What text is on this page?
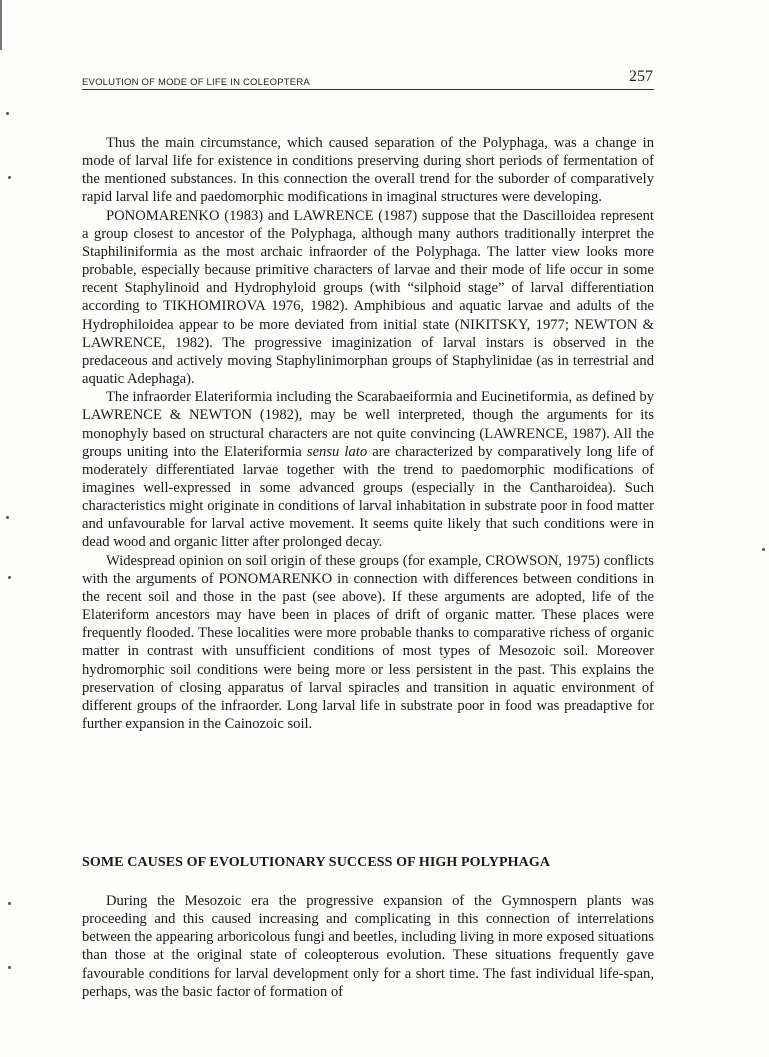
EVOLUTION OF MODE OF LIFE IN COLEOPTERA	257

Thus the main circumstance, which caused separation of the Polyphaga, was a change in mode of larval life for existence in conditions preserving during short periods of fermentation of the mentioned substances. In this connection the overall trend for the suborder of comparatively rapid larval life and paedomorphic modifications in imaginal structures were developing.

PONOMARENKO (1983) and LAWRENCE (1987) suppose that the Dascilloidea represent a group closest to ancestor of the Polyphaga, although many authors traditionally interpret the Staphiliniformia as the most archaic infraorder of the Polyphaga. The latter view looks more probable, especially because primitive characters of larvae and their mode of life occur in some recent Staphylinoid and Hydrophyloid groups (with “silphoid stage” of larval differentiation according to TIKHOMIROVA 1976, 1982). Amphibious and aquatic larvae and adults of the Hydrophiloidea appear to be more deviated from initial state (NIKITSKY, 1977; NEWTON & LAWRENCE, 1982). The progressive imaginization of larval instars is observed in the predaceous and actively moving Staphylinimorphan groups of Staphylinidae (as in terrestrial and aquatic Adephaga).

The infraorder Elateriformia including the Scarabaeiformia and Eucinetiformia, as defined by LAWRENCE & NEWTON (1982), may be well interpreted, though the arguments for its monophyly based on structural characters are not quite convincing (LAWRENCE, 1987). All the groups uniting into the Elateriformia sensu lato are characterized by comparatively long life of moderately differentiated larvae together with the trend to paedomorphic modifications of imagines well-expressed in some advanced groups (especially in the Cantharoidea). Such characteristics might originate in conditions of larval inhabitation in substrate poor in food matter and unfavourable for larval active movement. It seems quite likely that such conditions were in dead wood and organic litter after prolonged decay.

Widespread opinion on soil origin of these groups (for example, CROWSON, 1975) conflicts with the arguments of PONOMARENKO in connection with differences between conditions in the recent soil and those in the past (see above). If these arguments are adopted, life of the Elateriform ancestors may have been in places of drift of organic matter. These places were frequently flooded. These localities were more probable thanks to comparative richess of organic matter in contrast with unsufficient conditions of most types of Mesozoic soil. Moreover hydromorphic soil conditions were being more or less persistent in the past. This explains the preservation of closing apparatus of larval spiracles and transition in aquatic environment of different groups of the infraorder. Long larval life in substrate poor in food was preadaptive for further expansion in the Cainozoic soil.

SOME CAUSES OF EVOLUTIONARY SUCCESS OF HIGH POLYPHAGA

During the Mesozoic era the progressive expansion of the Gymnospern plants was proceeding and this caused increasing and complicating in this connection of interrelations between the appearing arboricolous fungi and beetles, including living in more exposed situations than those at the original state of coleopterous evolution. These situations frequently gave favourable conditions for larval development only for a short time. The fast individual life-span, perhaps, was the basic factor of formation of
